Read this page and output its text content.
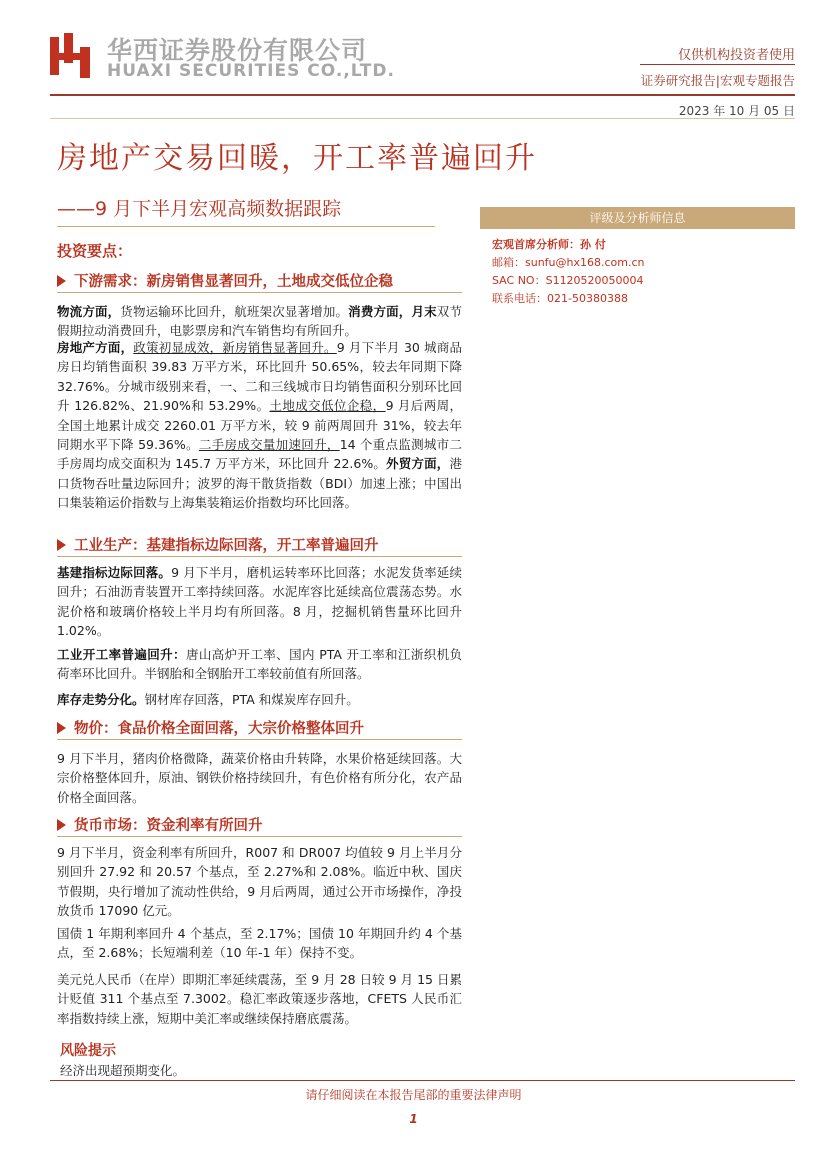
华西证券股份有限公司
HUAXI SECURITIES CO.,LTD.
仅供机构投资者使用
证券研究报告|宏观专题报告
2023 年 10 月 05 日
房地产交易回暖，开工率普遍回升
——9 月下半月宏观高频数据跟踪	评级及分析师信息
宏观首席分析师：孙 付
邮箱：sunfu@hx168.com.cn
SAC NO：S1120520050004
联系电话：021-50380388
投资要点：
下游需求：新房销售显著回升，土地成交低位企稳
物流方面，货物运输环比回升，航班架次显著增加。消费方面，月末双节假期拉动消费回升，电影票房和汽车销售均有所回升。
房地产方面，政策初显成效，新房销售显著回升。9 月下半月 30 城商品房日均销售面积 39.83 万平方米，环比回升 50.65%，较去年同期下降 32.76%。分城市级别来看，一、二和三线城市日均销售面积分别环比回升 126.82%、21.90%和 53.29%。土地成交低位企稳，9 月后两周，全国土地累计成交 2260.01 万平方米，较 9 前两周回升 31%，较去年同期水平下降 59.36%。二手房成交量加速回升，14 个重点监测城市二手房周均成交面积为 145.7 万平方米，环比回升 22.6%。外贸方面，港口货物吞吐量边际回升；波罗的海干散货指数（BDI）加速上涨；中国出口集装箱运价指数与上海集装箱运价指数均环比回落。
工业生产：基建指标边际回落，开工率普遍回升
基建指标边际回落。9 月下半月，磨机运转率环比回落；水泥发货率延续回升；石油沥青装置开工率持续回落。水泥库容比延续高位震荡态势。水泥价格和玻璃价格较上半月均有所回落。8 月，挖掘机销售量环比回升 1.02%。
工业开工率普遍回升：唐山高炉开工率、国内 PTA 开工率和江浙织机负荷率环比回升。半钢胎和全钢胎开工率较前值有所回落。
库存走势分化。钢材库存回落，PTA 和煤炭库存回升。
物价：食品价格全面回落，大宗价格整体回升
9 月下半月，猪肉价格微降，蔬菜价格由升转降，水果价格延续回落。大宗价格整体回升，原油、钢铁价格持续回升，有色价格有所分化，农产品价格全面回落。
货币市场：资金利率有所回升
9 月下半月，资金利率有所回升，R007 和 DR007 均值较 9 月上半月分别回升 27.92 和 20.57 个基点，至 2.27%和 2.08%。临近中秋、国庆节假期，央行增加了流动性供给，9 月后两周，通过公开市场操作，净投放货币 17090 亿元。
国债 1 年期利率回升 4 个基点，至 2.17%；国债 10 年期回升约 4 个基点，至 2.68%；长短端利差（10 年-1 年）保持不变。
美元兑人民币（在岸）即期汇率延续震荡，至 9 月 28 日较 9 月 15 日累计贬值 311 个基点至 7.3002。稳汇率政策逐步落地，CFETS 人民币汇率指数持续上涨，短期中美汇率或继续保持磨底震荡。
风险提示
经济出现超预期变化。
请仔细阅读在本报告尾部的重要法律声明
1
